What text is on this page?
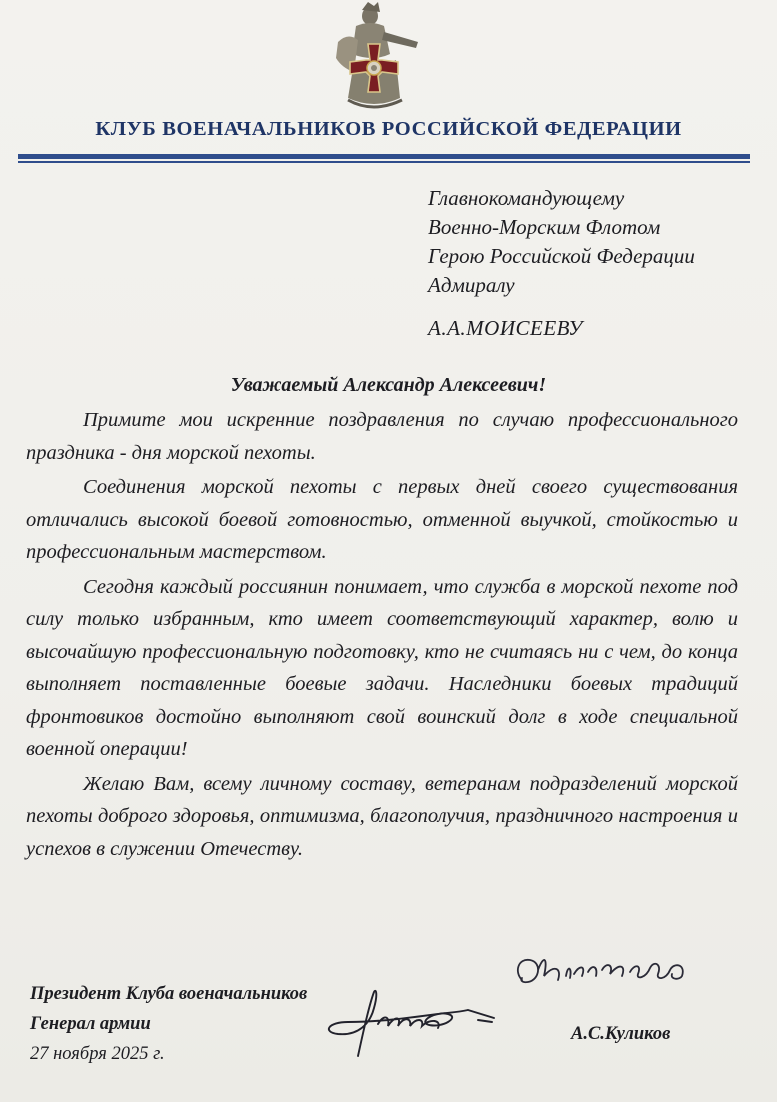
КЛУБ ВОЕНАЧАЛЬНИКОВ РОССИЙСКОЙ ФЕДЕРАЦИИ
Главнокомандующему
Военно-Морским Флотом
Герою Российской Федерации
Адмиралу
А.А.МОИСЕЕВУ
Уважаемый Александр Алексеевич!

Примите мои искренние поздравления по случаю профессионального праздника - дня морской пехоты.

Соединения морской пехоты с первых дней своего существования отличались высокой боевой готовностью, отменной выучкой, стойкостью и профессиональным мастерством.

Сегодня каждый россиянин понимает, что служба в морской пехоте под силу только избранным, кто имеет соответствующий характер, волю и высочайшую профессиональную подготовку, кто не считаясь ни с чем, до конца выполняет поставленные боевые задачи. Наследники боевых традиций фронтовиков достойно выполняют свой воинский долг в ходе специальной военной операции!

Желаю Вам, всему личному составу, ветеранам подразделений морской пехоты доброго здоровья, оптимизма, благополучия, праздничного настроения и успехов в служении Отечеству.

Президент Клуба военачальников
Генерал армии
27 ноября 2025 г.
А.С.Куликов
